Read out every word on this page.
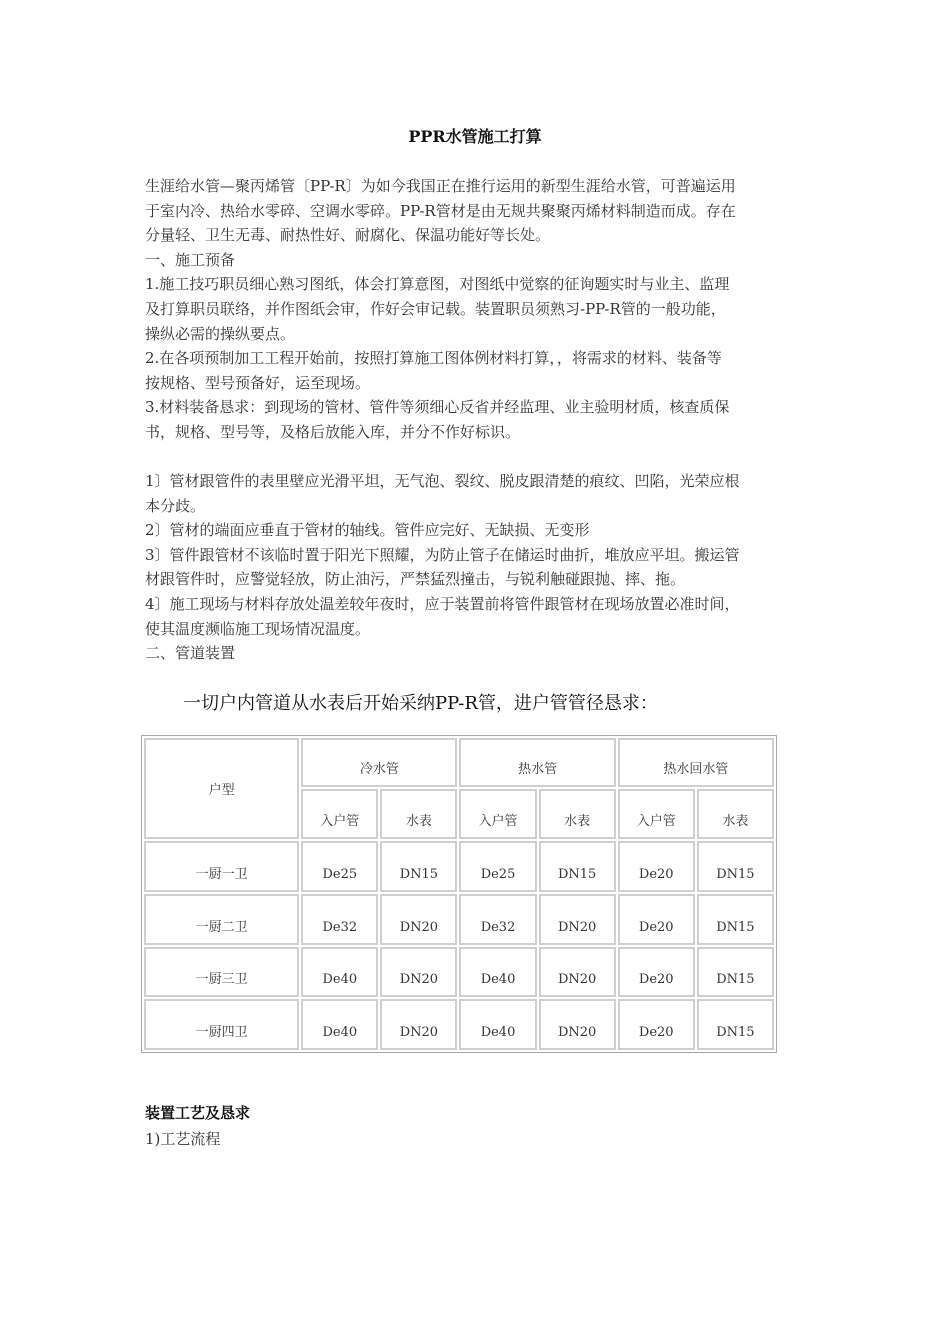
PPR水管施工打算

生涯给水管—聚丙烯管〔PP-R〕为如今我国正在推行运用的新型生涯给水管，可普遍运用

于室内冷、热给水零碎、空调水零碎。PP-R管材是由无规共聚聚丙烯材料制造而成。存在

分量轻、卫生无毒、耐热性好、耐腐化、保温功能好等长处。

一、施工预备

1.施工技巧职员细心熟习图纸，体会打算意图，对图纸中觉察的征询题实时与业主、监理

及打算职员联络，并作图纸会审，作好会审记载。装置职员须熟习-PP-R管的一般功能，

操纵必需的操纵要点。

2.在各项预制加工工程开始前，按照打算施工图体例材料打算，，将需求的材料、装备等

按规格、型号预备好，运至现场。

3.材料装备恳求：到现场的管材、管件等须细心反省并经监理、业主验明材质，核查质保

书，规格、型号等，及格后放能入库，并分不作好标识。

1〕管材跟管件的表里壁应光滑平坦，无气泡、裂纹、脱皮跟清楚的痕纹、凹陷，光荣应根

本分歧。

2〕管材的端面应垂直于管材的轴线。管件应完好、无缺损、无变形

3〕管件跟管材不该临时置于阳光下照耀，为防止管子在储运时曲折，堆放应平坦。搬运管

材跟管件时，应警觉轻放，防止油污，严禁猛烈撞击，与锐利触碰跟抛、摔、拖。

4〕施工现场与材料存放处温差较年夜时，应于装置前将管件跟管材在现场放置必准时间，

使其温度濒临施工现场情况温度。

二、管道装置

一切户内管道从水表后开始采纳PP-R管，进户管管径恳求：
户型	冷水管		热水管		热水回水管	
	入户管	水表	入户管	水表	入户管	水表
一厨一卫	De25	DN15	De25	DN15	De20	DN15
一厨二卫	De32	DN20	De32	DN20	De20	DN15
一厨三卫	De40	DN20	De40	DN20	De20	DN15
一厨四卫	De40	DN20	De40	DN20	De20	DN15
装置工艺及恳求
1)工艺流程
